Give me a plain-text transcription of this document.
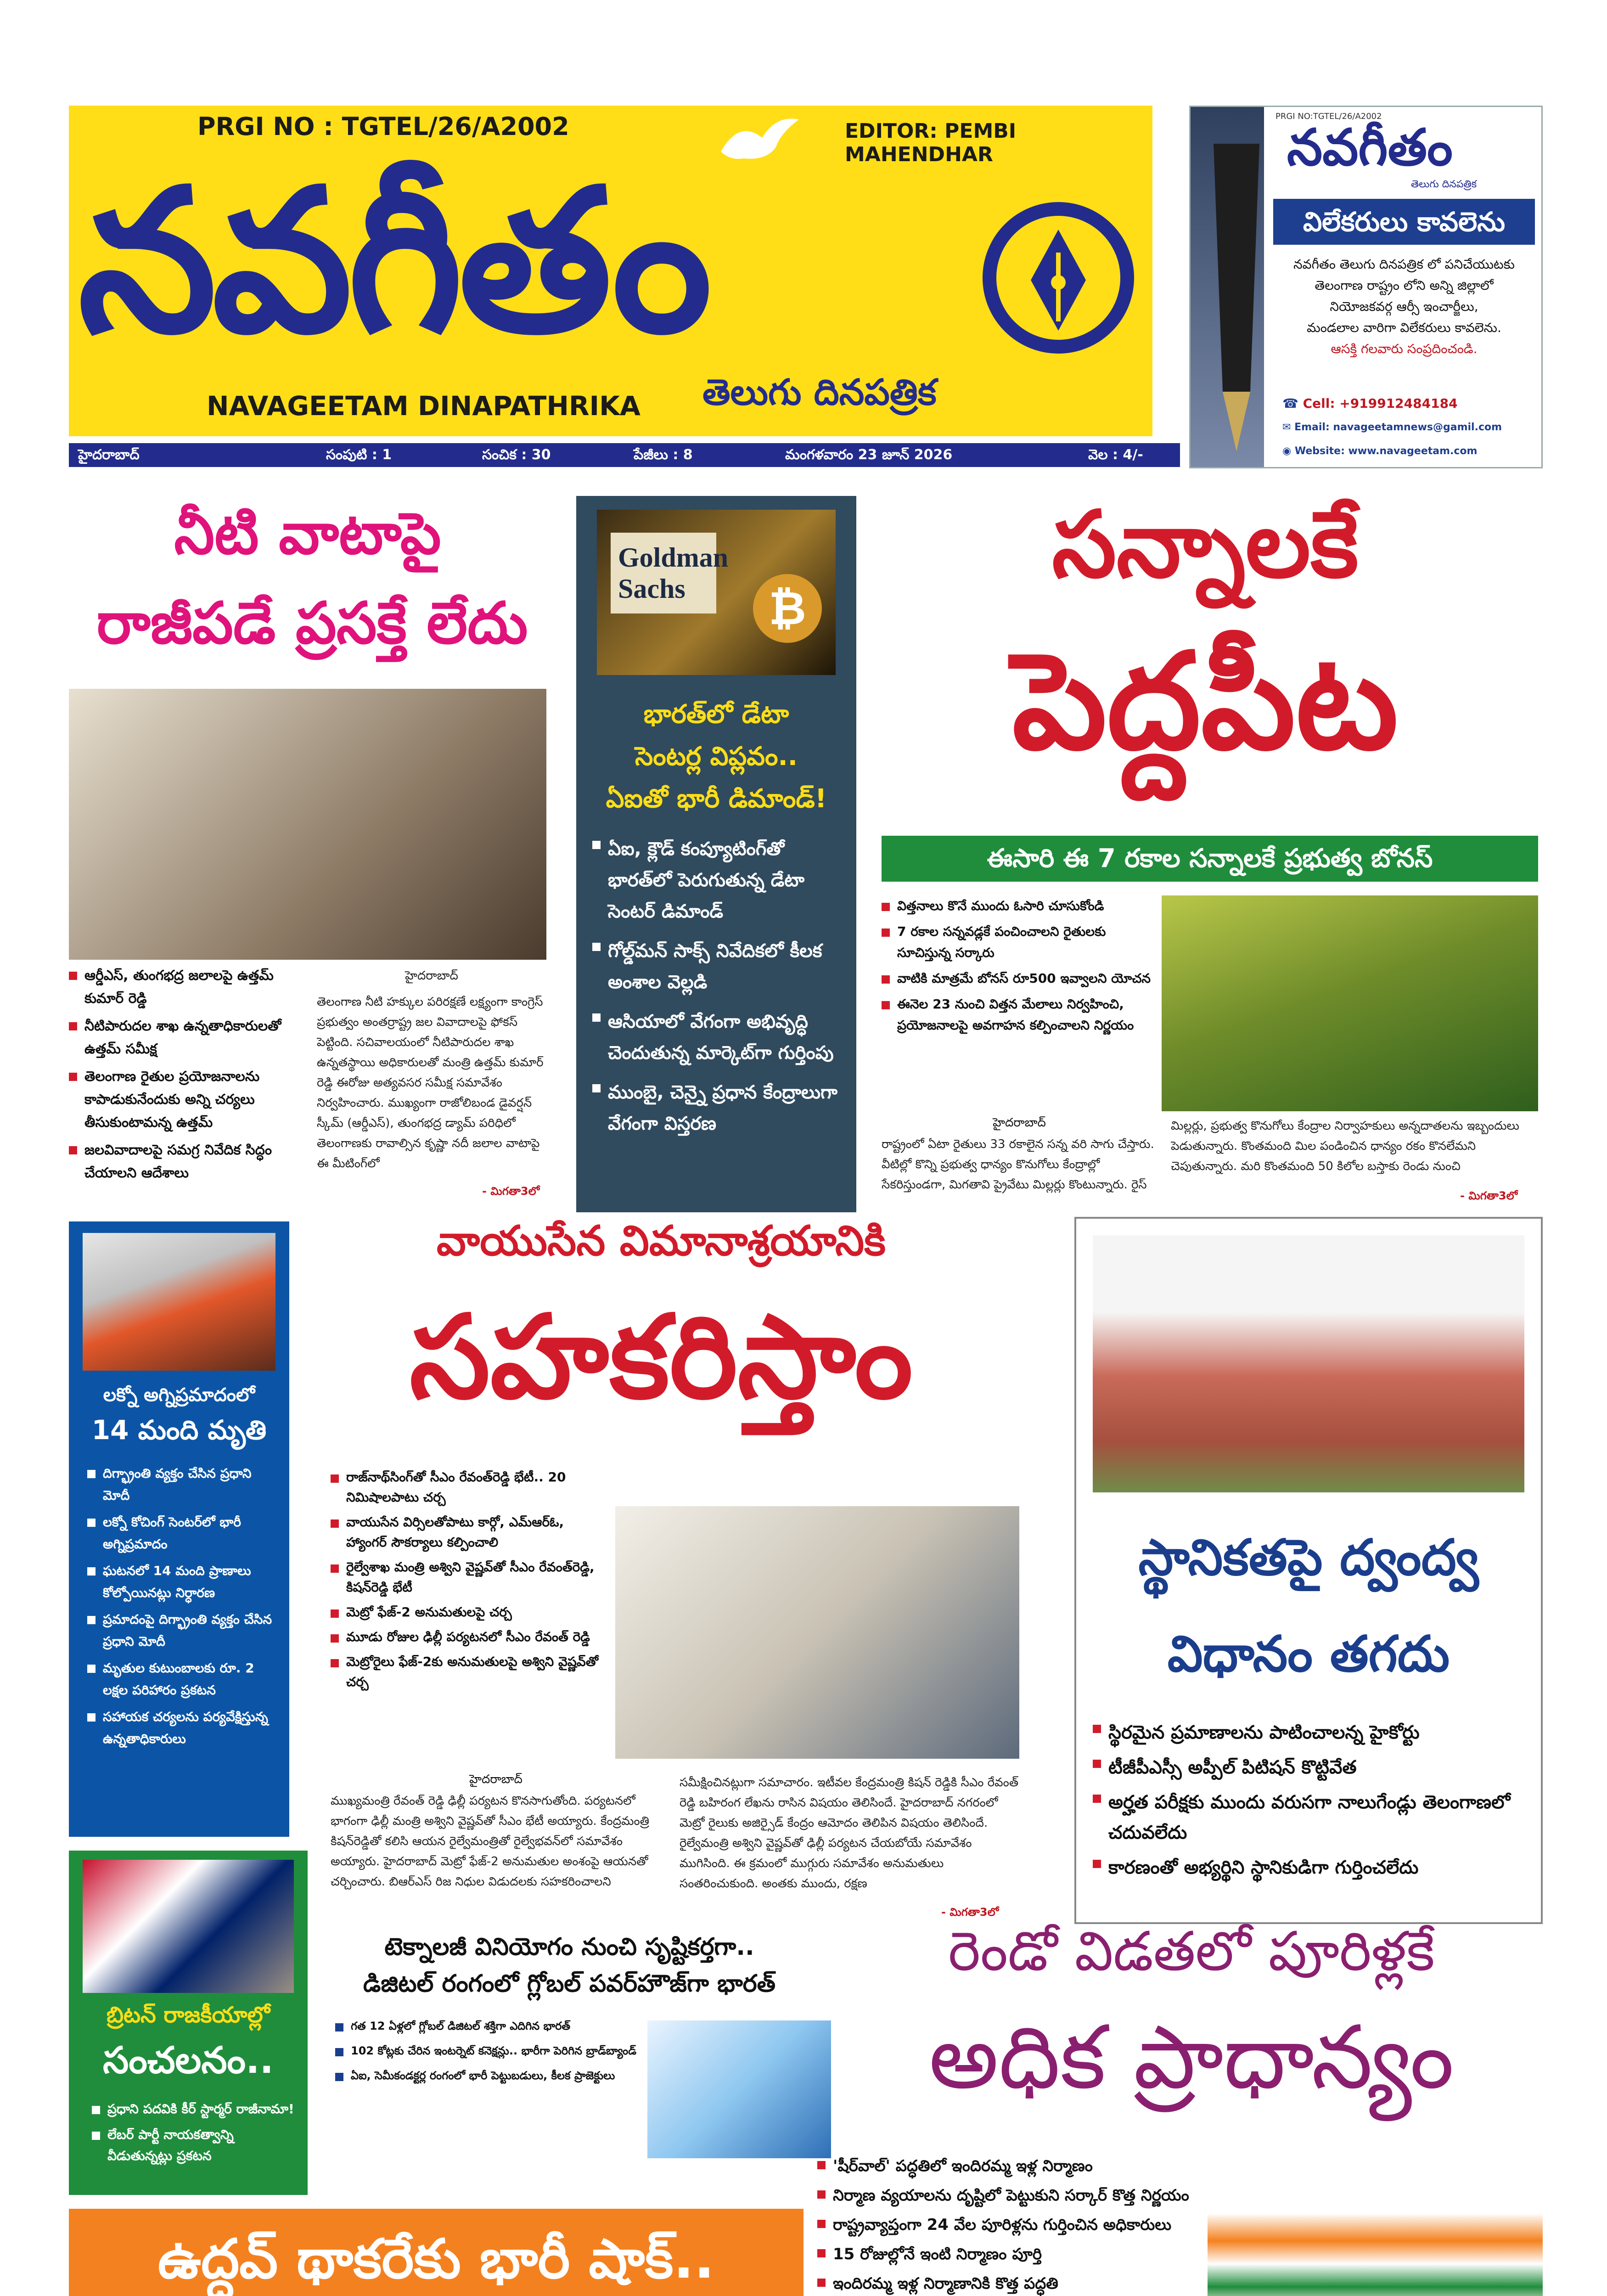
PRGI NO : TGTEL/26/A2002	EDITOR: PEMBI MAHENDHAR
నవగీతం
NAVAGEETAM DINAPATHRIKA తెలుగు దినపత్రిక
PRGI NO:TGTEL/26/A2002
నవగీతం
తెలుగు దినపత్రిక
విలేకరులు కావలెను
నవగీతం తెలుగు దినపత్రిక లో పనిచేయుటకు
తెలంగాణ రాష్ట్రం లోని అన్ని జిల్లాలో
నియోజకవర్గ ఆర్సీ ఇంచార్జీలు,
మండలాల వారిగా విలేకరులు కావలెను.
ఆసక్తి గలవారు సంప్రదించండి.
☎ Cell: +919912484184
✉ Email: navageetamnews@gamil.com
◉ Website: www.navageetam.com
హైదరాబాద్	సంపుటి : 1	సంచిక : 30	పేజీలు : 8	మంగళవారం 23 జూన్ 2026	వెల : 4/-
నీటి వాటాపై
రాజీపడే ప్రసక్తే లేదు
ఆర్డీఎస్, తుంగభద్ర జలాలపై ఉత్తమ్ కుమార్ రెడ్డి
నీటిపారుదల శాఖ ఉన్నతాధికారులతో ఉత్తమ్ సమీక్ష
తెలంగాణ రైతుల ప్రయోజనాలను కాపాడుకునేందుకు అన్ని చర్యలు తీసుకుంటామన్న ఉత్తమ్
జలవివాదాలపై సమగ్ర నివేదిక సిద్ధం చేయాలని ఆదేశాలు
హైదరాబాద్
తెలంగాణ నీటి హక్కుల పరిరక్షణే లక్ష్యంగా కాంగ్రెస్ ప్రభుత్వం అంతర్రాష్ట్ర జల వివాదాలపై ఫోకస్ పెట్టింది. సచివాలయంలో నీటిపారుదల శాఖ ఉన్నతస్థాయి అధికారులతో మంత్రి ఉత్తమ్ కుమార్ రెడ్డి ఈరోజు అత్యవసర సమీక్ష సమావేశం నిర్వహించారు. ముఖ్యంగా రాజోలిబండ డైవర్షన్ స్కీమ్ (ఆర్డీఎస్), తుంగభద్ర డ్యామ్ పరిధిలో తెలంగాణకు రావాల్సిన కృష్ణా నదీ జలాల వాటాపై ఈ మీటింగ్‌లో
- మిగతా3లో
Goldman Sachs	₿
భారత్‌లో డేటా
సెంటర్ల విప్లవం..
ఏఐతో భారీ డిమాండ్!
ఏఐ, క్లౌడ్ కంప్యూటింగ్‌తో భారత్‌లో పెరుగుతున్న డేటా సెంటర్ డిమాండ్
గోల్డ్‌మన్ సాక్స్ నివేదికలో కీలక అంశాల వెల్లడి
ఆసియాలో వేగంగా అభివృద్ధి చెందుతున్న మార్కెట్‌గా గుర్తింపు
ముంబై, చెన్నై ప్రధాన కేంద్రాలుగా వేగంగా విస్తరణ
సన్నాలకే
పెద్దపీట
ఈసారి ఈ 7 రకాల సన్నాలకే ప్రభుత్వ బోనస్
విత్తనాలు కొనే ముందు ఓసారి చూసుకోండి
7 రకాల సన్నవడ్లకే పంచించాలని రైతులకు సూచిస్తున్న సర్కారు
వాటికి మాత్రమే బోనస్ రూ500 ఇవ్వాలని యోచన
ఈనెల 23 నుంచి విత్తన మేలాలు నిర్వహించి, ప్రయోజనాలపై అవగాహన కల్పించాలని నిర్ణయం
హైదరాబాద్
రాష్ట్రంలో ఏటా రైతులు 33 రకాలైన సన్న వరి సాగు చేస్తారు. వీటిల్లో కొన్ని ప్రభుత్వ ధాన్యం కొనుగోలు కేంద్రాల్లో సేకరిస్తుండగా, మిగతావి ప్రైవేటు మిల్లర్లు కొంటున్నారు. రైస్
మిల్లర్లు, ప్రభుత్వ కొనుగోలు కేంద్రాల నిర్వాహకులు అన్నదాతలను ఇబ్బందులు పెడుతున్నారు. కొంతమంది మిల పండించిన ధాన్యం రకం కొనలేమని చెపుతున్నారు. మరి కొంతమంది 50 కిలోల బస్తాకు రెండు నుంచి
- మిగతా3లో
లక్నో అగ్నిప్రమాదంలో
14 మంది మృతి
దిగ్భ్రాంతి వ్యక్తం చేసిన ప్రధాని మోదీ
లక్నో కోచింగ్ సెంటర్‌లో భారీ అగ్నిప్రమాదం
ఘటనలో 14 మంది ప్రాణాలు కోల్పోయినట్లు నిర్ధారణ
ప్రమాదంపై దిగ్భ్రాంతి వ్యక్తం చేసిన ప్రధాని మోదీ
మృతుల కుటుంబాలకు రూ. 2 లక్షల పరిహారం ప్రకటన
సహాయక చర్యలను పర్యవేక్షిస్తున్న ఉన్నతాధికారులు
వాయుసేన విమానాశ్రయానికి
సహకరిస్తాం
రాజ్‌నాథ్‌సింగ్‌తో సీఎం రేవంత్‌రెడ్డి భేటీ.. 20 నిమిషాలపాటు చర్చ
వాయుసేన విర్సిలతోపాటు కార్గో, ఎమ్ఆర్ఓ, హ్యాంగర్ సౌకర్యాలు కల్పించాలి
రైల్వేశాఖ మంత్రి అశ్విని వైష్ణవ్‌తో సీఎం రేవంత్‌రెడ్డి, కిషన్‌రెడ్డి భేటీ
మెట్రో ఫేజ్-2 అనుమతులపై చర్చ
మూడు రోజుల ఢిల్లీ పర్యటనలో సీఎం రేవంత్ రెడ్డి
మెట్రోరైలు ఫేజ్-2కు అనుమతులపై అశ్విని వైష్ణవ్‌తో చర్చ
హైదరాబాద్
ముఖ్యమంత్రి రేవంత్ రెడ్డి ఢిల్లీ పర్యటన కొనసాగుతోంది. పర్యటనలో భాగంగా ఢిల్లీ మంత్రి అశ్విని వైష్ణవ్‌తో సీఎం భేటీ అయ్యారు. కేంద్రమంత్రి కిషన్‌రెడ్డితో కలిసి ఆయన రైల్వేమంత్రితో రైల్వేభవన్‌లో సమావేశం అయ్యారు. హైదరాబాద్ మెట్రో ఫేజ్-2 అనుమతుల అంశంపై ఆయనతో చర్చించారు. బిఆర్ఎస్ రిజ నిధుల విడుదలకు సహకరించాలని
సమీక్షించినట్లుగా సమాచారం. ఇటీవల కేంద్రమంత్రి కిషన్ రెడ్డికి సీఎం రేవంత్ రెడ్డి బహిరంగ లేఖను రాసిన విషయం తెలిసిందే. హైదరాబాద్ నగరంలో మెట్రో రైలుకు అజిర్సైడ్ కేంద్రం ఆమోదం తెలిపిన విషయం తెలిసిందే. రైల్వేమంత్రి అశ్విని వైష్ణవ్‌తో ఢిల్లీ పర్యటన చేయబోయే సమావేశం ముగిసింది. ఈ క్రమంలో ముగ్గురు సమావేశం అనుమతులు సంతరించుకుంది. అంతకు ముందు, రక్షణ
- మిగతా3లో
స్థానికతపై ద్వంద్వ
విధానం తగదు
స్థిరమైన ప్రమాణాలను పాటించాలన్న హైకోర్టు
టీజీపీఎస్సీ అప్పీల్ పిటిషన్ కొట్టివేత
అర్హత పరీక్షకు ముందు వరుసగా నాలుగేండ్లు తెలంగాణలో చదువలేదు
కారణంతో అభ్యర్థిని స్థానికుడిగా గుర్తించలేదు
బ్రిటన్ రాజకీయాల్లో
సంచలనం..
ప్రధాని పదవికి కీర్ స్టార్మర్ రాజీనామా!
లేబర్ పార్టీ నాయకత్వాన్ని వీడుతున్నట్లు ప్రకటన
టెక్నాలజీ వినియోగం నుంచి సృష్టికర్తగా..
డిజిటల్ రంగంలో గ్లోబల్ పవర్‌హౌజ్‌గా భారత్
గత 12 ఏళ్లలో గ్లోబల్ డిజిటల్ శక్తిగా ఎదిగిన భారత్
102 కోట్లకు చేరిన ఇంటర్నెట్ కనెక్షన్లు.. భారీగా పెరిగిన బ్రాడ్‌బ్యాండ్
ఏఐ, సెమీకండక్టర్ల రంగంలో భారీ పెట్టుబడులు, కీలక ప్రాజెక్టులు
రెండో విడతలో పూరిళ్లకే
అధిక ప్రాధాన్యం
'షీర్‌వాల్' పద్ధతిలో ఇందిరమ్మ ఇళ్ల నిర్మాణం
నిర్మాణ వ్యయాలను దృష్టిలో పెట్టుకుని సర్కార్ కొత్త నిర్ణయం
రాష్ట్రవ్యాప్తంగా 24 వేల పూరిళ్లను గుర్తించిన అధికారులు
15 రోజుల్లోనే ఇంటి నిర్మాణం పూర్తి
ఇందిరమ్మ ఇళ్ల నిర్మాణానికి కొత్త పద్ధతి
ఉద్ధవ్ థాకరేకు భారీ షాక్..
